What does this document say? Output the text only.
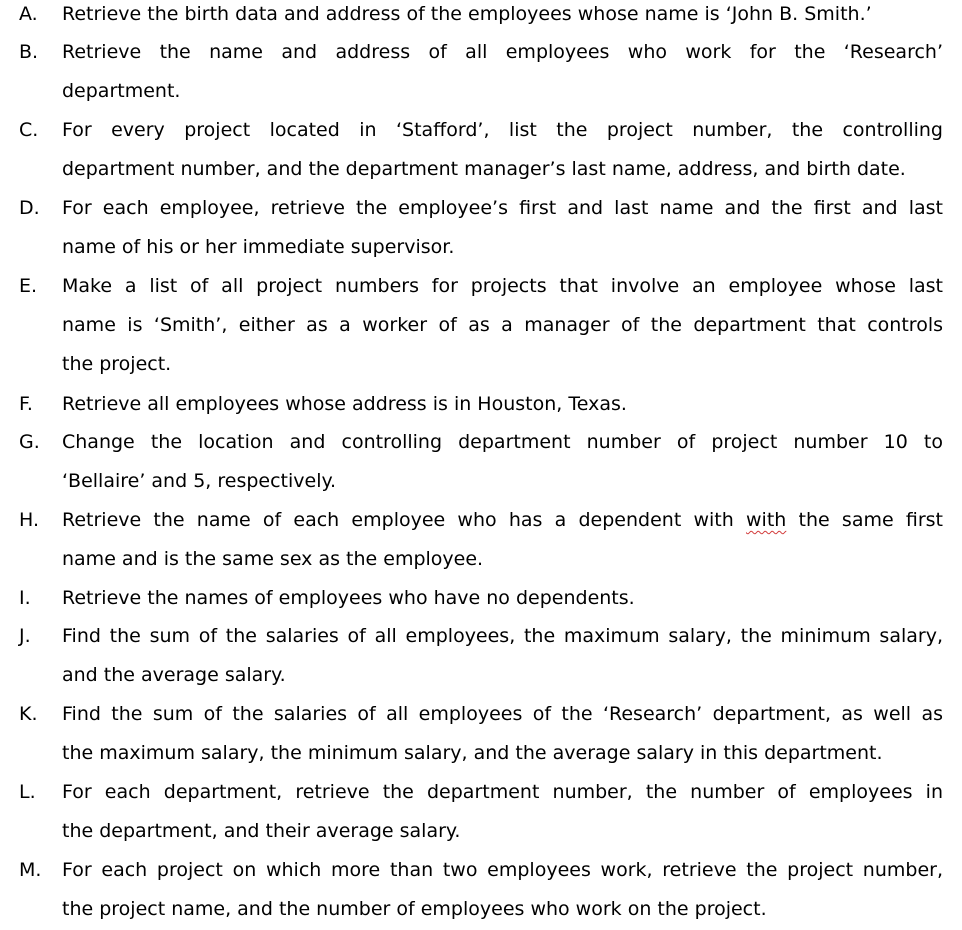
A. Retrieve the birth data and address of the employees whose name is ‘John B. Smith.’
B. Retrieve the name and address of all employees who work for the ‘Research’
department.
C. For every project located in ‘Stafford’, list the project number, the controlling
department number, and the department manager’s last name, address, and birth date.
D. For each employee, retrieve the employee’s first and last name and the first and last
name of his or her immediate supervisor.
E. Make a list of all project numbers for projects that involve an employee whose last
name is ‘Smith’, either as a worker of as a manager of the department that controls
the project.
F. Retrieve all employees whose address is in Houston, Texas.
G. Change the location and controlling department number of project number 10 to
‘Bellaire’ and 5, respectively.
H. Retrieve the name of each employee who has a dependent with with the same first
name and is the same sex as the employee.
I. Retrieve the names of employees who have no dependents.
J. Find the sum of the salaries of all employees, the maximum salary, the minimum salary,
and the average salary.
K. Find the sum of the salaries of all employees of the ‘Research’ department, as well as
the maximum salary, the minimum salary, and the average salary in this department.
L. For each department, retrieve the department number, the number of employees in
the department, and their average salary.
M. For each project on which more than two employees work, retrieve the project number,
the project name, and the number of employees who work on the project.
